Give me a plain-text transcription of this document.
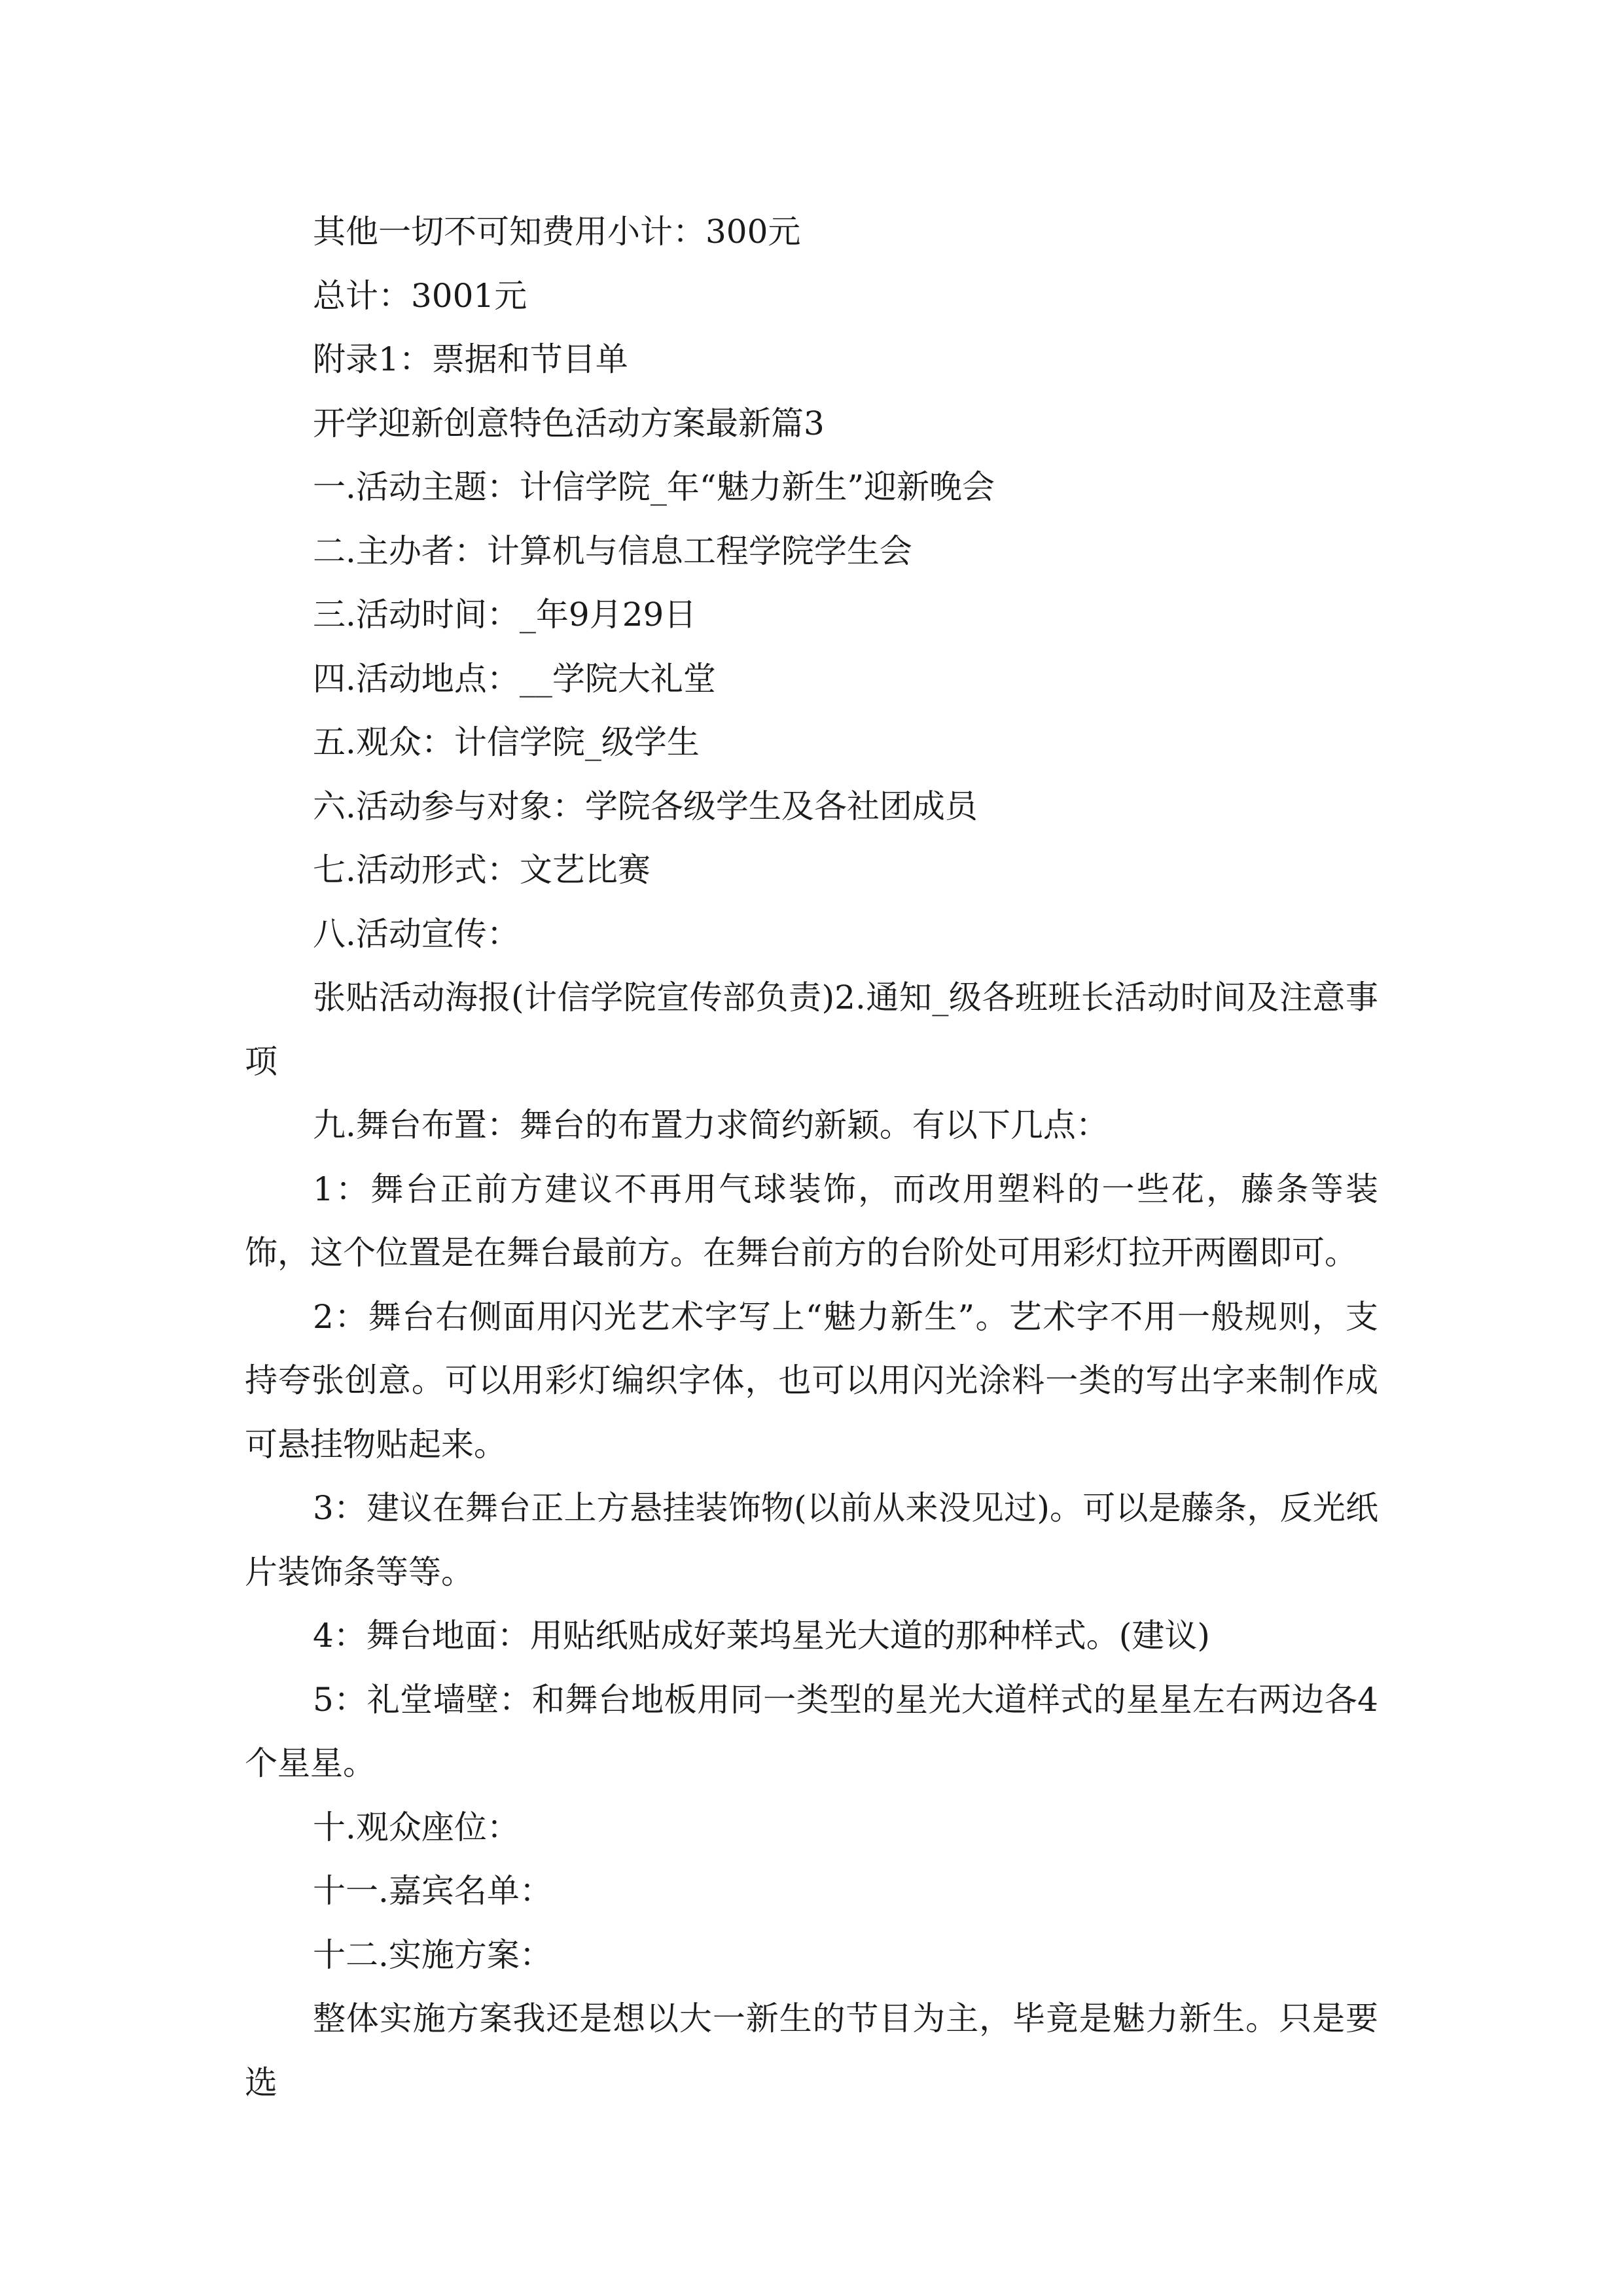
其他一切不可知费用小计：300元

总计：3001元

附录1：票据和节目单

开学迎新创意特色活动方案最新篇3

一.活动主题：计信学院_年“魅力新生”迎新晚会

二.主办者：计算机与信息工程学院学生会

三.活动时间：_年9月29日

四.活动地点：__学院大礼堂

五.观众：计信学院_级学生

六.活动参与对象：学院各级学生及各社团成员

七.活动形式：文艺比赛

八.活动宣传：

张贴活动海报(计信学院宣传部负责)2.通知_级各班班长活动时间及注意事项

九.舞台布置：舞台的布置力求简约新颖。有以下几点：

1：舞台正前方建议不再用气球装饰，而改用塑料的一些花，藤条等装饰，这个位置是在舞台最前方。在舞台前方的台阶处可用彩灯拉开两圈即可。

2：舞台右侧面用闪光艺术字写上“魅力新生”。艺术字不用一般规则，支持夸张创意。可以用彩灯编织字体，也可以用闪光涂料一类的写出字来制作成可悬挂物贴起来。

3：建议在舞台正上方悬挂装饰物(以前从来没见过)。可以是藤条，反光纸片装饰条等等。

4：舞台地面：用贴纸贴成好莱坞星光大道的那种样式。(建议)

5：礼堂墙壁：和舞台地板用同一类型的星光大道样式的星星左右两边各4个星星。

十.观众座位：

十一.嘉宾名单：

十二.实施方案：

整体实施方案我还是想以大一新生的节目为主，毕竟是魅力新生。只是要选
